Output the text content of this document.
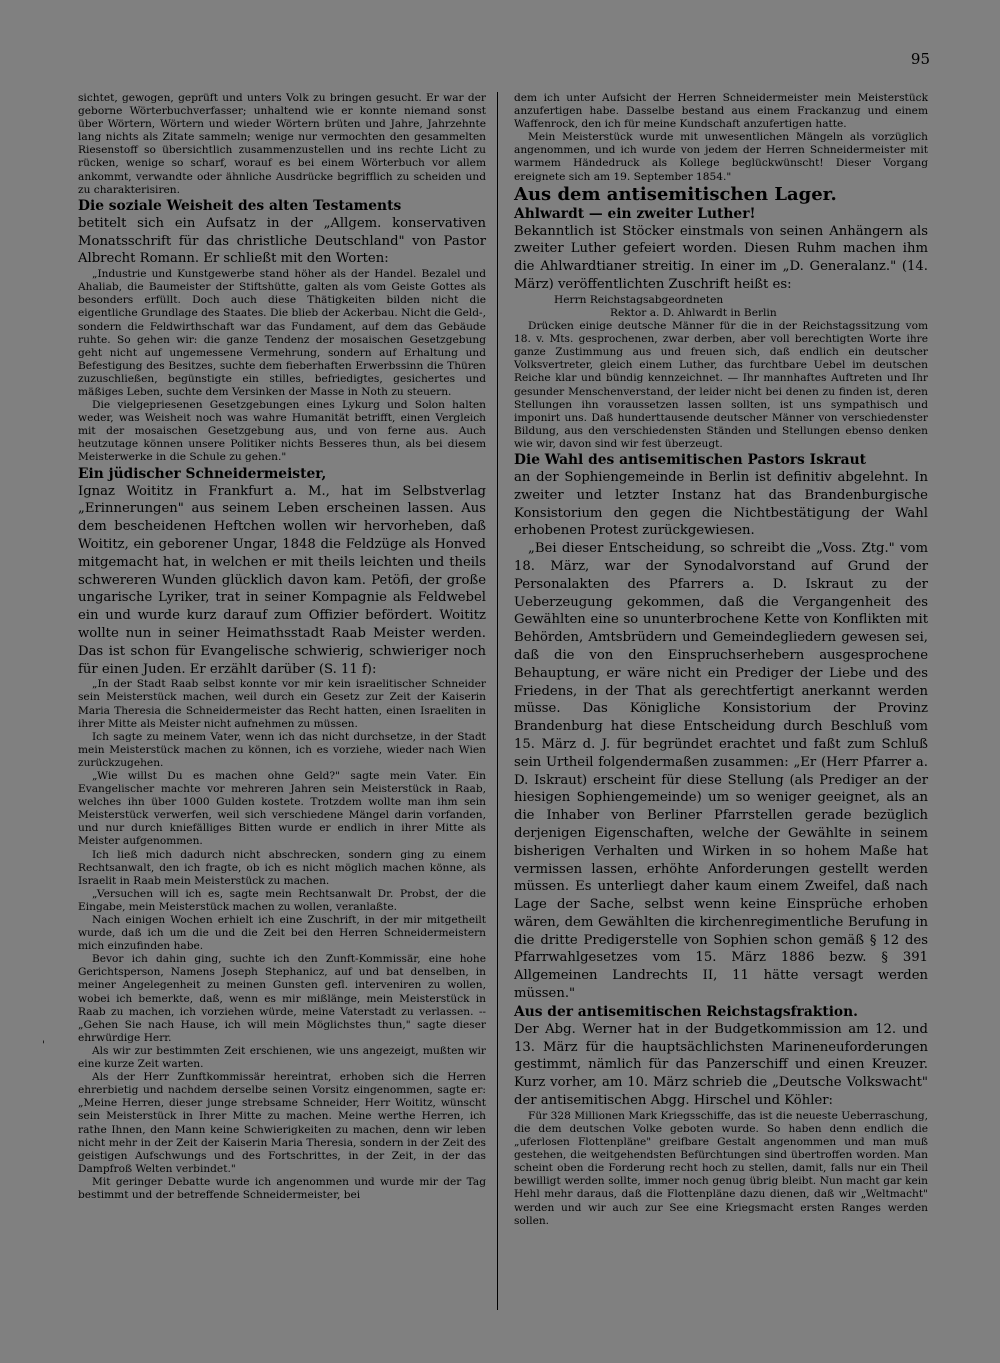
95
'

sichtet, gewogen, geprüft und unters Volk zu bringen gesucht. Er war der geborne Wörterbuchverfasser; unhaltend wie er konnte niemand sonst über Wörtern, Wörtern und wieder Wörtern brüten und Jahre, Jahrzehnte lang nichts als Zitate sammeln; wenige nur vermochten den gesammelten Riesenstoff so übersichtlich zusammenzustellen und ins rechte Licht zu rücken, wenige so scharf, worauf es bei einem Wörterbuch vor allem ankommt, verwandte oder ähnliche Ausdrücke begrifflich zu scheiden und zu charakterisiren.

Die soziale Weisheit des alten Testaments

betitelt sich ein Aufsatz in der „Allgem. konservativen Monatsschrift für das christliche Deutschland" von Pastor Albrecht Romann. Er schließt mit den Worten:

„Industrie und Kunstgewerbe stand höher als der Handel. Bezalel und Ahaliab, die Baumeister der Stiftshütte, galten als vom Geiste Gottes als besonders erfüllt. Doch auch diese Thätigkeiten bilden nicht die eigentliche Grundlage des Staates. Die blieb der Ackerbau. Nicht die Geld-, sondern die Feldwirthschaft war das Fundament, auf dem das Gebäude ruhte. So gehen wir: die ganze Tendenz der mosaischen Gesetzgebung geht nicht auf ungemessene Vermehrung, sondern auf Erhaltung und Befestigung des Besitzes, suchte dem fieberhaften Erwerbssinn die Thüren zuzuschließen, begünstigte ein stilles, befriedigtes, gesichertes und mäßiges Leben, suchte dem Versinken der Masse in Noth zu steuern.

Die vielgepriesenen Gesetzgebungen eines Lykurg und Solon halten weder, was Weisheit noch was wahre Humanität betrifft, einen Vergleich mit der mosaischen Gesetzgebung aus, und von ferne aus. Auch heutzutage können unsere Politiker nichts Besseres thun, als bei diesem Meisterwerke in die Schule zu gehen."

Ein jüdischer Schneidermeister,

Ignaz Woititz in Frankfurt a. M., hat im Selbstverlag „Erinnerungen" aus seinem Leben erscheinen lassen. Aus dem bescheidenen Heftchen wollen wir hervorheben, daß Woititz, ein geborener Ungar, 1848 die Feldzüge als Honved mitgemacht hat, in welchen er mit theils leichten und theils schwereren Wunden glücklich davon kam. Petöfi, der große ungarische Lyriker, trat in seiner Kompagnie als Feldwebel ein und wurde kurz darauf zum Offizier befördert. Woititz wollte nun in seiner Heimathsstadt Raab Meister werden. Das ist schon für Evangelische schwierig, schwieriger noch für einen Juden. Er erzählt darüber (S. 11 f):

„In der Stadt Raab selbst konnte vor mir kein israelitischer Schneider sein Meisterstück machen, weil durch ein Gesetz zur Zeit der Kaiserin Maria Theresia die Schneidermeister das Recht hatten, einen Israeliten in ihrer Mitte als Meister nicht aufnehmen zu müssen.

Ich sagte zu meinem Vater, wenn ich das nicht durchsetze, in der Stadt mein Meisterstück machen zu können, ich es vorziehe, wieder nach Wien zurückzugehen.

„Wie willst Du es machen ohne Geld?" sagte mein Vater. Ein Evangelischer machte vor mehreren Jahren sein Meisterstück in Raab, welches ihn über 1000 Gulden kostete. Trotzdem wollte man ihm sein Meisterstück verwerfen, weil sich verschiedene Mängel darin vorfanden, und nur durch kniefälliges Bitten wurde er endlich in ihrer Mitte als Meister aufgenommen.

Ich ließ mich dadurch nicht abschrecken, sondern ging zu einem Rechtsanwalt, den ich fragte, ob ich es nicht möglich machen könne, als Israelit in Raab mein Meisterstück zu machen.

„Versuchen will ich es, sagte mein Rechtsanwalt Dr. Probst, der die Eingabe, mein Meisterstück machen zu wollen, veranlaßte.

Nach einigen Wochen erhielt ich eine Zuschrift, in der mir mitgetheilt wurde, daß ich um die und die Zeit bei den Herren Schneidermeistern mich einzufinden habe.

Bevor ich dahin ging, suchte ich den Zunft-Kommissär, eine hohe Gerichtsperson, Namens Joseph Stephanicz, auf und bat denselben, in meiner Angelegenheit zu meinen Gunsten gefl. interveniren zu wollen, wobei ich bemerkte, daß, wenn es mir mißlänge, mein Meisterstück in Raab zu machen, ich vorziehen würde, meine Vaterstadt zu verlassen. -- „Gehen Sie nach Hause, ich will mein Möglichstes thun," sagte dieser ehrwürdige Herr.

Als wir zur bestimmten Zeit erschienen, wie uns angezeigt, mußten wir eine kurze Zeit warten.

Als der Herr Zunftkommissär hereintrat, erhoben sich die Herren ehrerbietig und nachdem derselbe seinen Vorsitz eingenommen, sagte er: „Meine Herren, dieser junge strebsame Schneider, Herr Woititz, wünscht sein Meisterstück in Ihrer Mitte zu machen. Meine werthe Herren, ich rathe Ihnen, den Mann keine Schwierigkeiten zu machen, denn wir leben nicht mehr in der Zeit der Kaiserin Maria Theresia, sondern in der Zeit des geistigen Aufschwungs und des Fortschrittes, in der Zeit, in der das Dampfroß Welten verbindet."

Mit geringer Debatte wurde ich angenommen und wurde mir der Tag bestimmt und der betreffende Schneidermeister, bei

dem ich unter Aufsicht der Herren Schneidermeister mein Meisterstück anzufertigen habe. Dasselbe bestand aus einem Frackanzug und einem Waffenrock, den ich für meine Kundschaft anzufertigen hatte.

Mein Meisterstück wurde mit unwesentlichen Mängeln als vorzüglich angenommen, und ich wurde von jedem der Herren Schneidermeister mit warmem Händedruck als Kollege beglückwünscht! Dieser Vorgang ereignete sich am 19. September 1854."

Aus dem antisemitischen Lager.

Ahlwardt — ein zweiter Luther!

Bekanntlich ist Stöcker einstmals von seinen Anhängern als zweiter Luther gefeiert worden. Diesen Ruhm machen ihm die Ahlwardtianer streitig. In einer im „D. Generalanz." (14. März) veröffentlichten Zuschrift heißt es:

Herrn Reichstagsabgeordneten

Rektor a. D. Ahlwardt in Berlin

Drücken einige deutsche Männer für die in der Reichstagssitzung vom 18. v. Mts. gesprochenen, zwar derben, aber voll berechtigten Worte ihre ganze Zustimmung aus und freuen sich, daß endlich ein deutscher Volksvertreter, gleich einem Luther, das furchtbare Uebel im deutschen Reiche klar und bündig kennzeichnet. — Ihr mannhaftes Auftreten und Ihr gesunder Menschenverstand, der leider nicht bei denen zu finden ist, deren Stellungen ihn voraussetzen lassen sollten, ist uns sympathisch und imponirt uns. Daß hunderttausende deutscher Männer von verschiedenster Bildung, aus den verschiedensten Ständen und Stellungen ebenso denken wie wir, davon sind wir fest überzeugt.

Die Wahl des antisemitischen Pastors Iskraut

an der Sophiengemeinde in Berlin ist definitiv abgelehnt. In zweiter und letzter Instanz hat das Brandenburgische Konsistorium den gegen die Nichtbestätigung der Wahl erhobenen Protest zurückgewiesen.

„Bei dieser Entscheidung, so schreibt die „Voss. Ztg." vom 18. März, war der Synodalvorstand auf Grund der Personalakten des Pfarrers a. D. Iskraut zu der Ueberzeugung gekommen, daß die Vergangenheit des Gewählten eine so ununterbrochene Kette von Konflikten mit Behörden, Amtsbrüdern und Gemeindegliedern gewesen sei, daß die von den Einspruchserhebern ausgesprochene Behauptung, er wäre nicht ein Prediger der Liebe und des Friedens, in der That als gerechtfertigt anerkannt werden müsse. Das Königliche Konsistorium der Provinz Brandenburg hat diese Entscheidung durch Beschluß vom 15. März d. J. für begründet erachtet und faßt zum Schluß sein Urtheil folgendermaßen zusammen: „Er (Herr Pfarrer a. D. Iskraut) erscheint für diese Stellung (als Prediger an der hiesigen Sophiengemeinde) um so weniger geeignet, als an die Inhaber von Berliner Pfarrstellen gerade bezüglich derjenigen Eigenschaften, welche der Gewählte in seinem bisherigen Verhalten und Wirken in so hohem Maße hat vermissen lassen, erhöhte Anforderungen gestellt werden müssen. Es unterliegt daher kaum einem Zweifel, daß nach Lage der Sache, selbst wenn keine Einsprüche erhoben wären, dem Gewählten die kirchenregimentliche Berufung in die dritte Predigerstelle von Sophien schon gemäß § 12 des Pfarrwahlgesetzes vom 15. März 1886 bezw. § 391 Allgemeinen Landrechts II, 11 hätte versagt werden müssen."

Aus der antisemitischen Reichstagsfraktion.

Der Abg. Werner hat in der Budgetkommission am 12. und 13. März für die hauptsächlichsten Marineneuforderungen gestimmt, nämlich für das Panzerschiff und einen Kreuzer. Kurz vorher, am 10. März schrieb die „Deutsche Volkswacht" der antisemitischen Abgg. Hirschel und Köhler:

Für 328 Millionen Mark Kriegsschiffe, das ist die neueste Ueberraschung, die dem deutschen Volke geboten wurde. So haben denn endlich die „uferlosen Flottenpläne" greifbare Gestalt angenommen und man muß gestehen, die weitgehendsten Befürchtungen sind übertroffen worden. Man scheint oben die Forderung recht hoch zu stellen, damit, falls nur ein Theil bewilligt werden sollte, immer noch genug übrig bleibt. Nun macht gar kein Hehl mehr daraus, daß die Flottenpläne dazu dienen, daß wir „Weltmacht" werden und wir auch zur See eine Kriegsmacht ersten Ranges werden sollen.
